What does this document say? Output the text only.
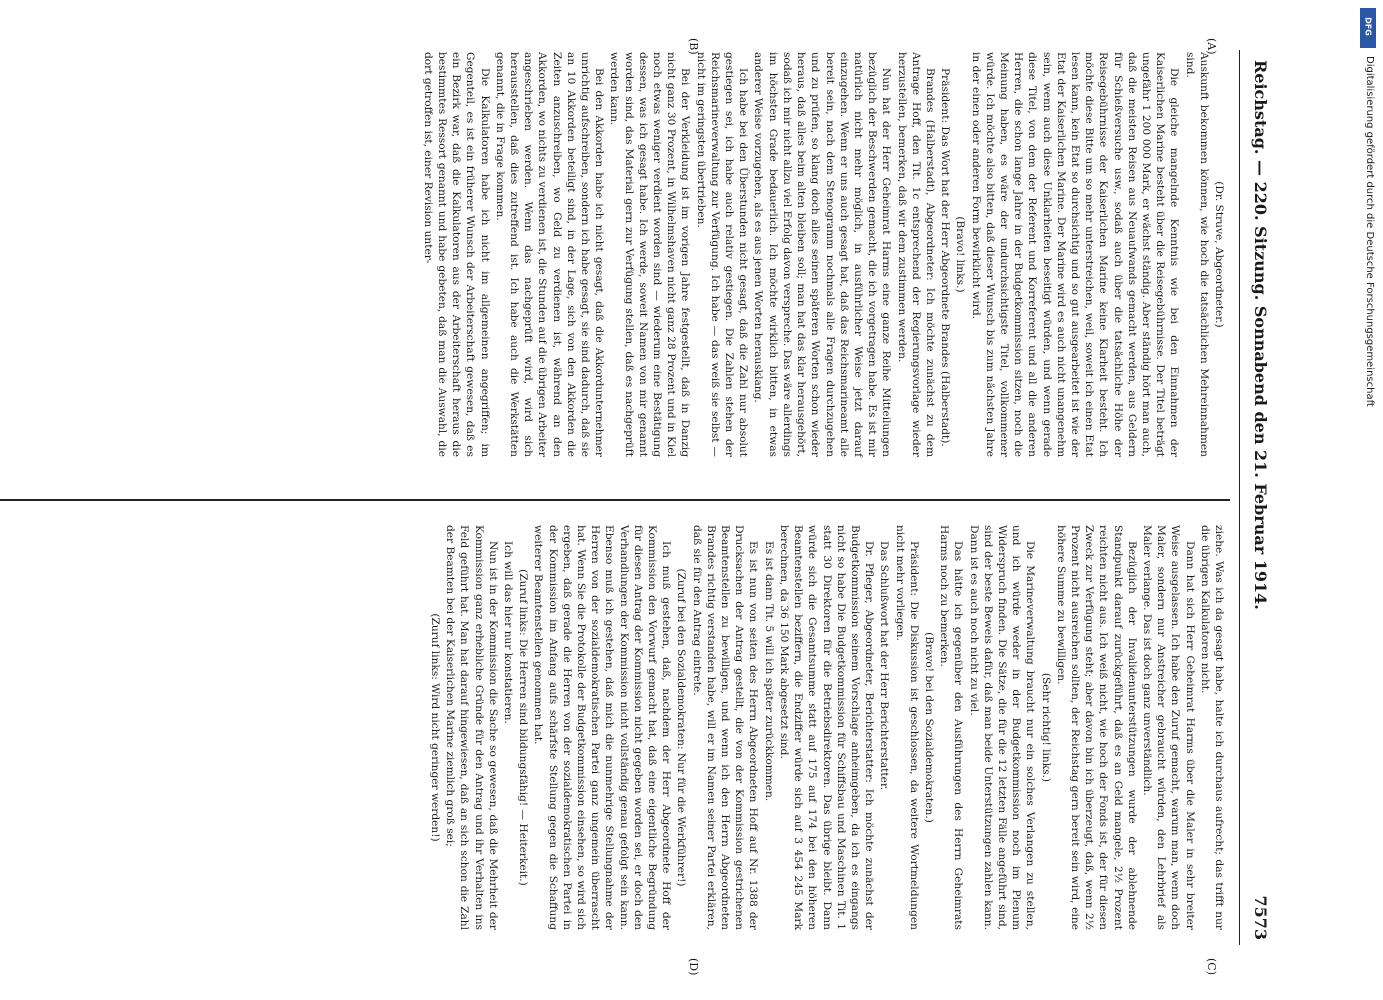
Reichstag. — 220. Sitzung. Sonnabend den 21. Februar 1914.
7573
(A)
(B)
(C)
(D)

(Dr. Struve, Abgeordneter.)

Auskunft bekommen können, wie hoch die tatsächlichen Mehreinnahmen sind.

Die gleiche mangelnde Kenntnis wie bei den Einnahmen der Kaiserlichen Marine besteht über die Reisegebührnisse. Der Titel beträgt ungefähr 1 200 000 Mark, er wächst ständig. Aber ständig hört man auch, daß die meisten Reisen aus Neuaufwands gemacht werden, aus Geldern für Schießversuche usw., sodaß auch über die tatsächliche Höhe der Reisegebührnisse der Kaiserlichen Marine keine Klarheit besteht. Ich möchte diese Bitte um so mehr unterstreichen, weil, soweit ich einen Etat lesen kann, kein Etat so durchsichtig und so gut ausgearbeitet ist wie der Etat der Kaiserlichen Marine. Der Marine wird es auch nicht unangenehm sein, wenn auch diese Unklarheiten beseitigt würden, und wenn gerade diese Titel, von dem der Referent und Korreferent und all die anderen Herren, die schon lange Jahre in der Budgetkommission sitzen, noch die Meinung haben, es wäre der undurchsichtigste Titel, vollkommener würde. Ich möchte also bitten, daß dieser Wunsch bis zum nächsten Jahre in der einen oder anderen Form bewirklicht wird.

(Bravo! links.)

Präsident: Das Wort hat der Herr Abgeordnete Brandes (Halberstadt).

Brandes (Halberstadt), Abgeordneter: Ich möchte zunächst zu dem Antrage Hoff, den Tit. 1c entsprechend der Regierungsvorlage wieder herzustellen, bemerken, daß wir dem zustimmen werden.

Nun hat der Herr Geheimrat Harms eine ganze Reihe Mitteilungen bezüglich der Beschwerden gemacht, die ich vorgetragen habe. Es ist mir natürlich nicht mehr möglich, in ausführlicher Weise jetzt darauf einzugehen. Wenn er uns auch gesagt hat, daß das Reichsmarineamt alle bereit sein, nach dem Stenogramm nochmals alle Fragen durchzugehen und zu prüfen, so klang doch alles seinen späteren Worten schon wieder heraus, daß alles beim alten bleiben soll; man hat das klar herausgehört, sodaß ich mir nicht allzu viel Erfolg davon verspreche. Das wäre allerdings im höchsten Grade bedauerlich. Ich möchte wirklich bitten, in etwas anderer Weise vorzugehen, als es aus jenen Worten herausklang.

Ich habe bei den Überstunden nicht gesagt, daß die Zahl nur absolut gestiegen sei, ich habe auch relativ gestiegen. Die Zahlen stehen der Reichsmarineverwaltung zur Verfügung. Ich habe — das weiß sie selbst — nicht im geringsten übertrieben.

Bei der Verkleidung ist im vorigen Jahre festgestellt, daß in Danzig nicht ganz 30 Prozent, in Wilhelmshaven nicht ganz 28 Prozent und in Kiel noch etwas weniger verdient worden sind — wiederum eine Bestätigung dessen, was ich gesagt habe. Ich werde, soweit Namen von mir genannt worden sind, das Material gern zur Verfügung stellen, daß es nachgeprüft werden kann.

Bei den Akkorden habe ich nicht gesagt, daß die Akkordunternehmer unrichtig aufschreiben, sondern ich habe gesagt, sie sind dadurch, daß sie an 10 Akkorden beteiligt sind, in der Lage, sich von den Akkorden die Zeiten anzuschreiben, wo Geld zu verdienen ist, während an den Akkorden, wo nichts zu verdienen ist, die Stunden auf die übrigen Arbeiter angeschrieben werden. Wenn das nachgeprüft wird, wird sich herausstellen, daß dies zutreffend ist. Ich habe auch die Werkstätten genannt, die in Frage kommen.

Die Kalkulatoren habe ich nicht im allgemeinen angegriffen; im Gegenteil, es ist ein früherer Wunsch der Arbeiterschaft gewesen, daß es ein Bezirk war, daß die Kalkulatoren aus der Arbeiterschaft heraus die bestimmtes Ressort genannt und habe gebeten, daß man die Auswahl, die dort getroffen ist, einer Revision unter-

ziehe. Was ich da gesagt habe, halte ich durchaus aufrecht; das trifft nur die übrigen Kalkulatoren nicht.

Dann hat sich Herr Geheimrat Harms über die Maler in sehr breiter Weise ausgelassen. Ich habe den Zuruf gemacht, warum man, wenn doch Maler, sondern nur Anstreicher gebraucht würden, den Lehrbrief als Maler verlange. Das ist doch ganz unverständlich.

Bezüglich der Invalidenunterstützungen wurde der ablehnende Standpunkt darauf zurückgeführt, daß es an Geld mangele, 2½ Prozent reichten nicht aus. Ich weiß nicht, wie hoch der Fonds ist, der für diesen Zweck zur Verfügung steht; aber davon bin ich überzeugt, daß, wenn 2½ Prozent nicht ausreichen sollten, der Reichstag gern bereit sein wird, eine höhere Summe zu bewilligen.

(Sehr richtig! links.)

Die Marineverwaltung braucht nur ein solches Verlangen zu stellen, und ich würde weder in der Budgetkommission noch im Plenum Widerspruch finden. Die Sätze, die für die 12 letzten Fälle angeführt sind, sind der beste Beweis dafür, daß man beide Unterstützungen zahlen kann. Dann ist es auch noch nicht zu viel.

Das hätte ich gegenüber den Ausführungen des Herrn Geheimrats Harms noch zu bemerken.

(Bravo! bei den Sozialdemokraten.)

Präsident: Die Diskussion ist geschlossen, da weitere Wortmeldungen nicht mehr vorliegen.

Das Schlußwort hat der Herr Berichterstatter.

Dr. Pfleger, Abgeordneter, Berichterstatter: Ich möchte zunächst der Budgetkommission seinem Vorschlage anheimgeben, da ich es eingangs nicht so habe Die Budgetkommission für Schiffsbau und Maschinen Tit. 1 statt 30 Direktoren für die Betriebsdirektoren. Das übrige bleibt. Dann würde sich die Gesamtsumme statt auf 175 auf 174 bei den höheren Beamtenstellen beziffern, die Endziffer würde sich auf 3 454 245 Mark berechnen, da 36 150 Mark abgesetzt sind.

Es ist dann Tit. 5 will ich später zurückkommen.

Es ist nun von seiten des Herrn Abgeordneten Hoff auf Nr. 1388 der Drucksachen der Antrag gestellt, die von der Kommission gestrichenen Beamtenstellen zu bewilligen, und wenn ich den Herrn Abgeordneten Brandes richtig verstanden habe, will er im Namen seiner Partei erklären, daß sie für den Antrag eintrete.

(Zuruf bei den Sozialdemokraten: Nur für die Werkführer!)

Ich muß gestehen, daß, nachdem der Herr Abgeordnete Hoff der Kommission den Vorwurf gemacht hat, daß eine eigentliche Begründung für diesen Antrag der Kommission nicht gegeben worden sei, er doch den Verhandlungen der Kommission nicht vollständig genau gefolgt sein kann. Ebenso muß ich gestehen, daß mich die nunmehrige Stellungnahme der Herren von der sozialdemokratischen Partei ganz ungemein überrascht hat. Wenn Sie die Protokolle der Budgetkommission einsehen, so wird sich ergeben, daß gerade die Herren von der sozialdemokratischen Partei in der Kommission im Anfang aufs schärfste Stellung gegen die Schaffung weiterer Beamtenstellen genommen hat.

(Zuruf links: Die Herren sind bildungsfähig! — Heiterkeit.)

Ich will das hier nur konstatieren.

Nun ist in der Kommission die Sache so gewesen, daß die Mehrheit der Kommission ganz erhebliche Gründe für den Antrag und ihr Verhalten ins Feld geführt hat. Man hat darauf hingewiesen, daß an sich schon die Zahl der Beamten bei der Kaiserlichen Marine ziemlich groß sei;

(Zuruf links: Wird nicht geringer werden!)

DFG
Digitalisierung gefördert durch die Deutsche Forschungsgemeinschaft
